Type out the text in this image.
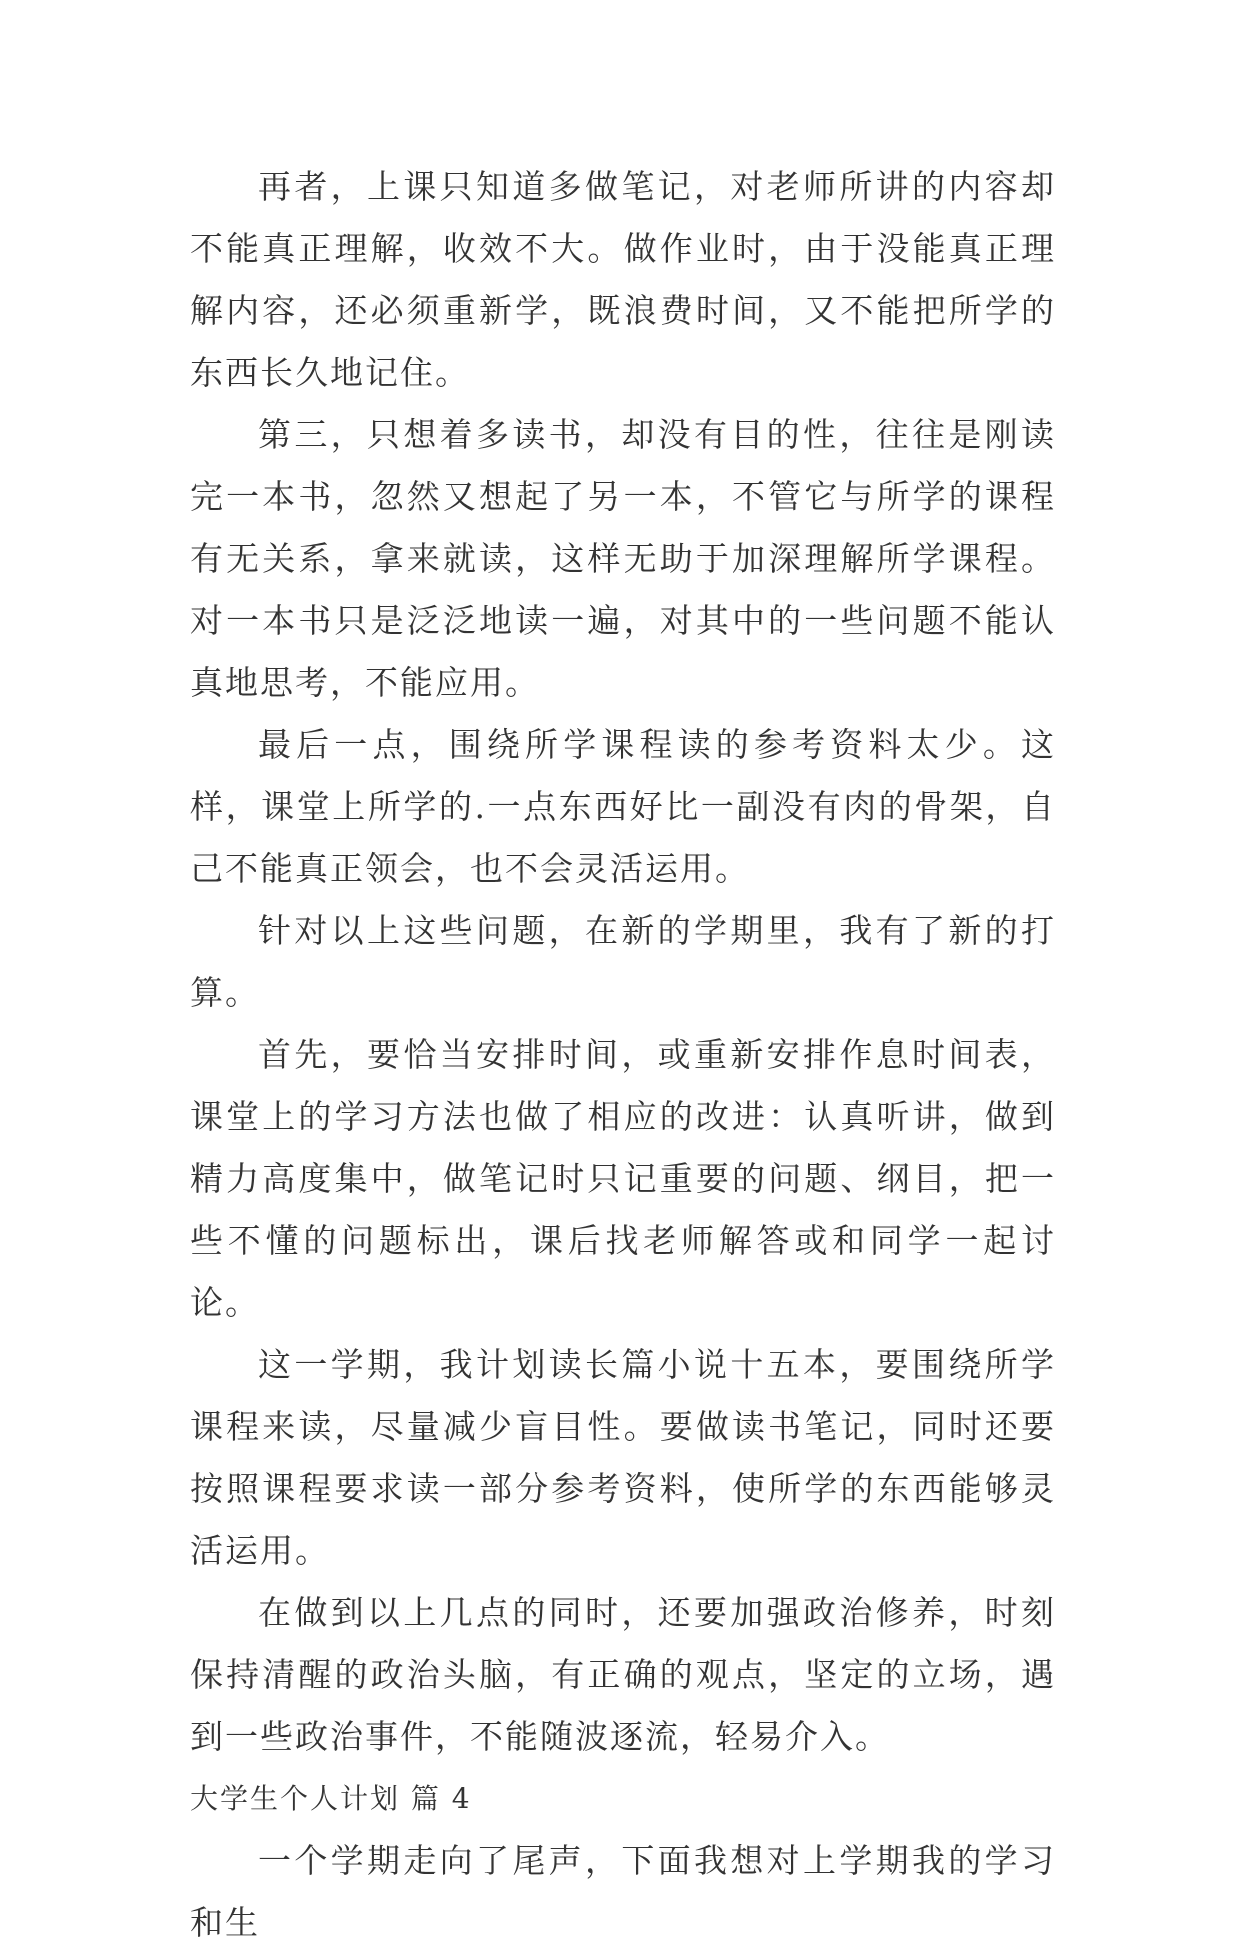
再者，上课只知道多做笔记，对老师所讲的内容却不能真正理解，收效不大。做作业时，由于没能真正理解内容，还必须重新学，既浪费时间，又不能把所学的东西长久地记住。

第三，只想着多读书，却没有目的性，往往是刚读完一本书，忽然又想起了另一本，不管它与所学的课程有无关系，拿来就读，这样无助于加深理解所学课程。对一本书只是泛泛地读一遍，对其中的一些问题不能认真地思考，不能应用。

最后一点，围绕所学课程读的参考资料太少。这样，课堂上所学的.一点东西好比一副没有肉的骨架，自己不能真正领会，也不会灵活运用。

针对以上这些问题，在新的学期里，我有了新的打算。

首先，要恰当安排时间，或重新安排作息时间表，课堂上的学习方法也做了相应的改进：认真听讲，做到精力高度集中，做笔记时只记重要的问题、纲目，把一些不懂的问题标出，课后找老师解答或和同学一起讨论。

这一学期，我计划读长篇小说十五本，要围绕所学课程来读，尽量减少盲目性。要做读书笔记，同时还要按照课程要求读一部分参考资料，使所学的东西能够灵活运用。

在做到以上几点的同时，还要加强政治修养，时刻保持清醒的政治头脑，有正确的观点，坚定的立场，遇到一些政治事件，不能随波逐流，轻易介入。

大学生个人计划 篇 4

一个学期走向了尾声，下面我想对上学期我的学习和生
